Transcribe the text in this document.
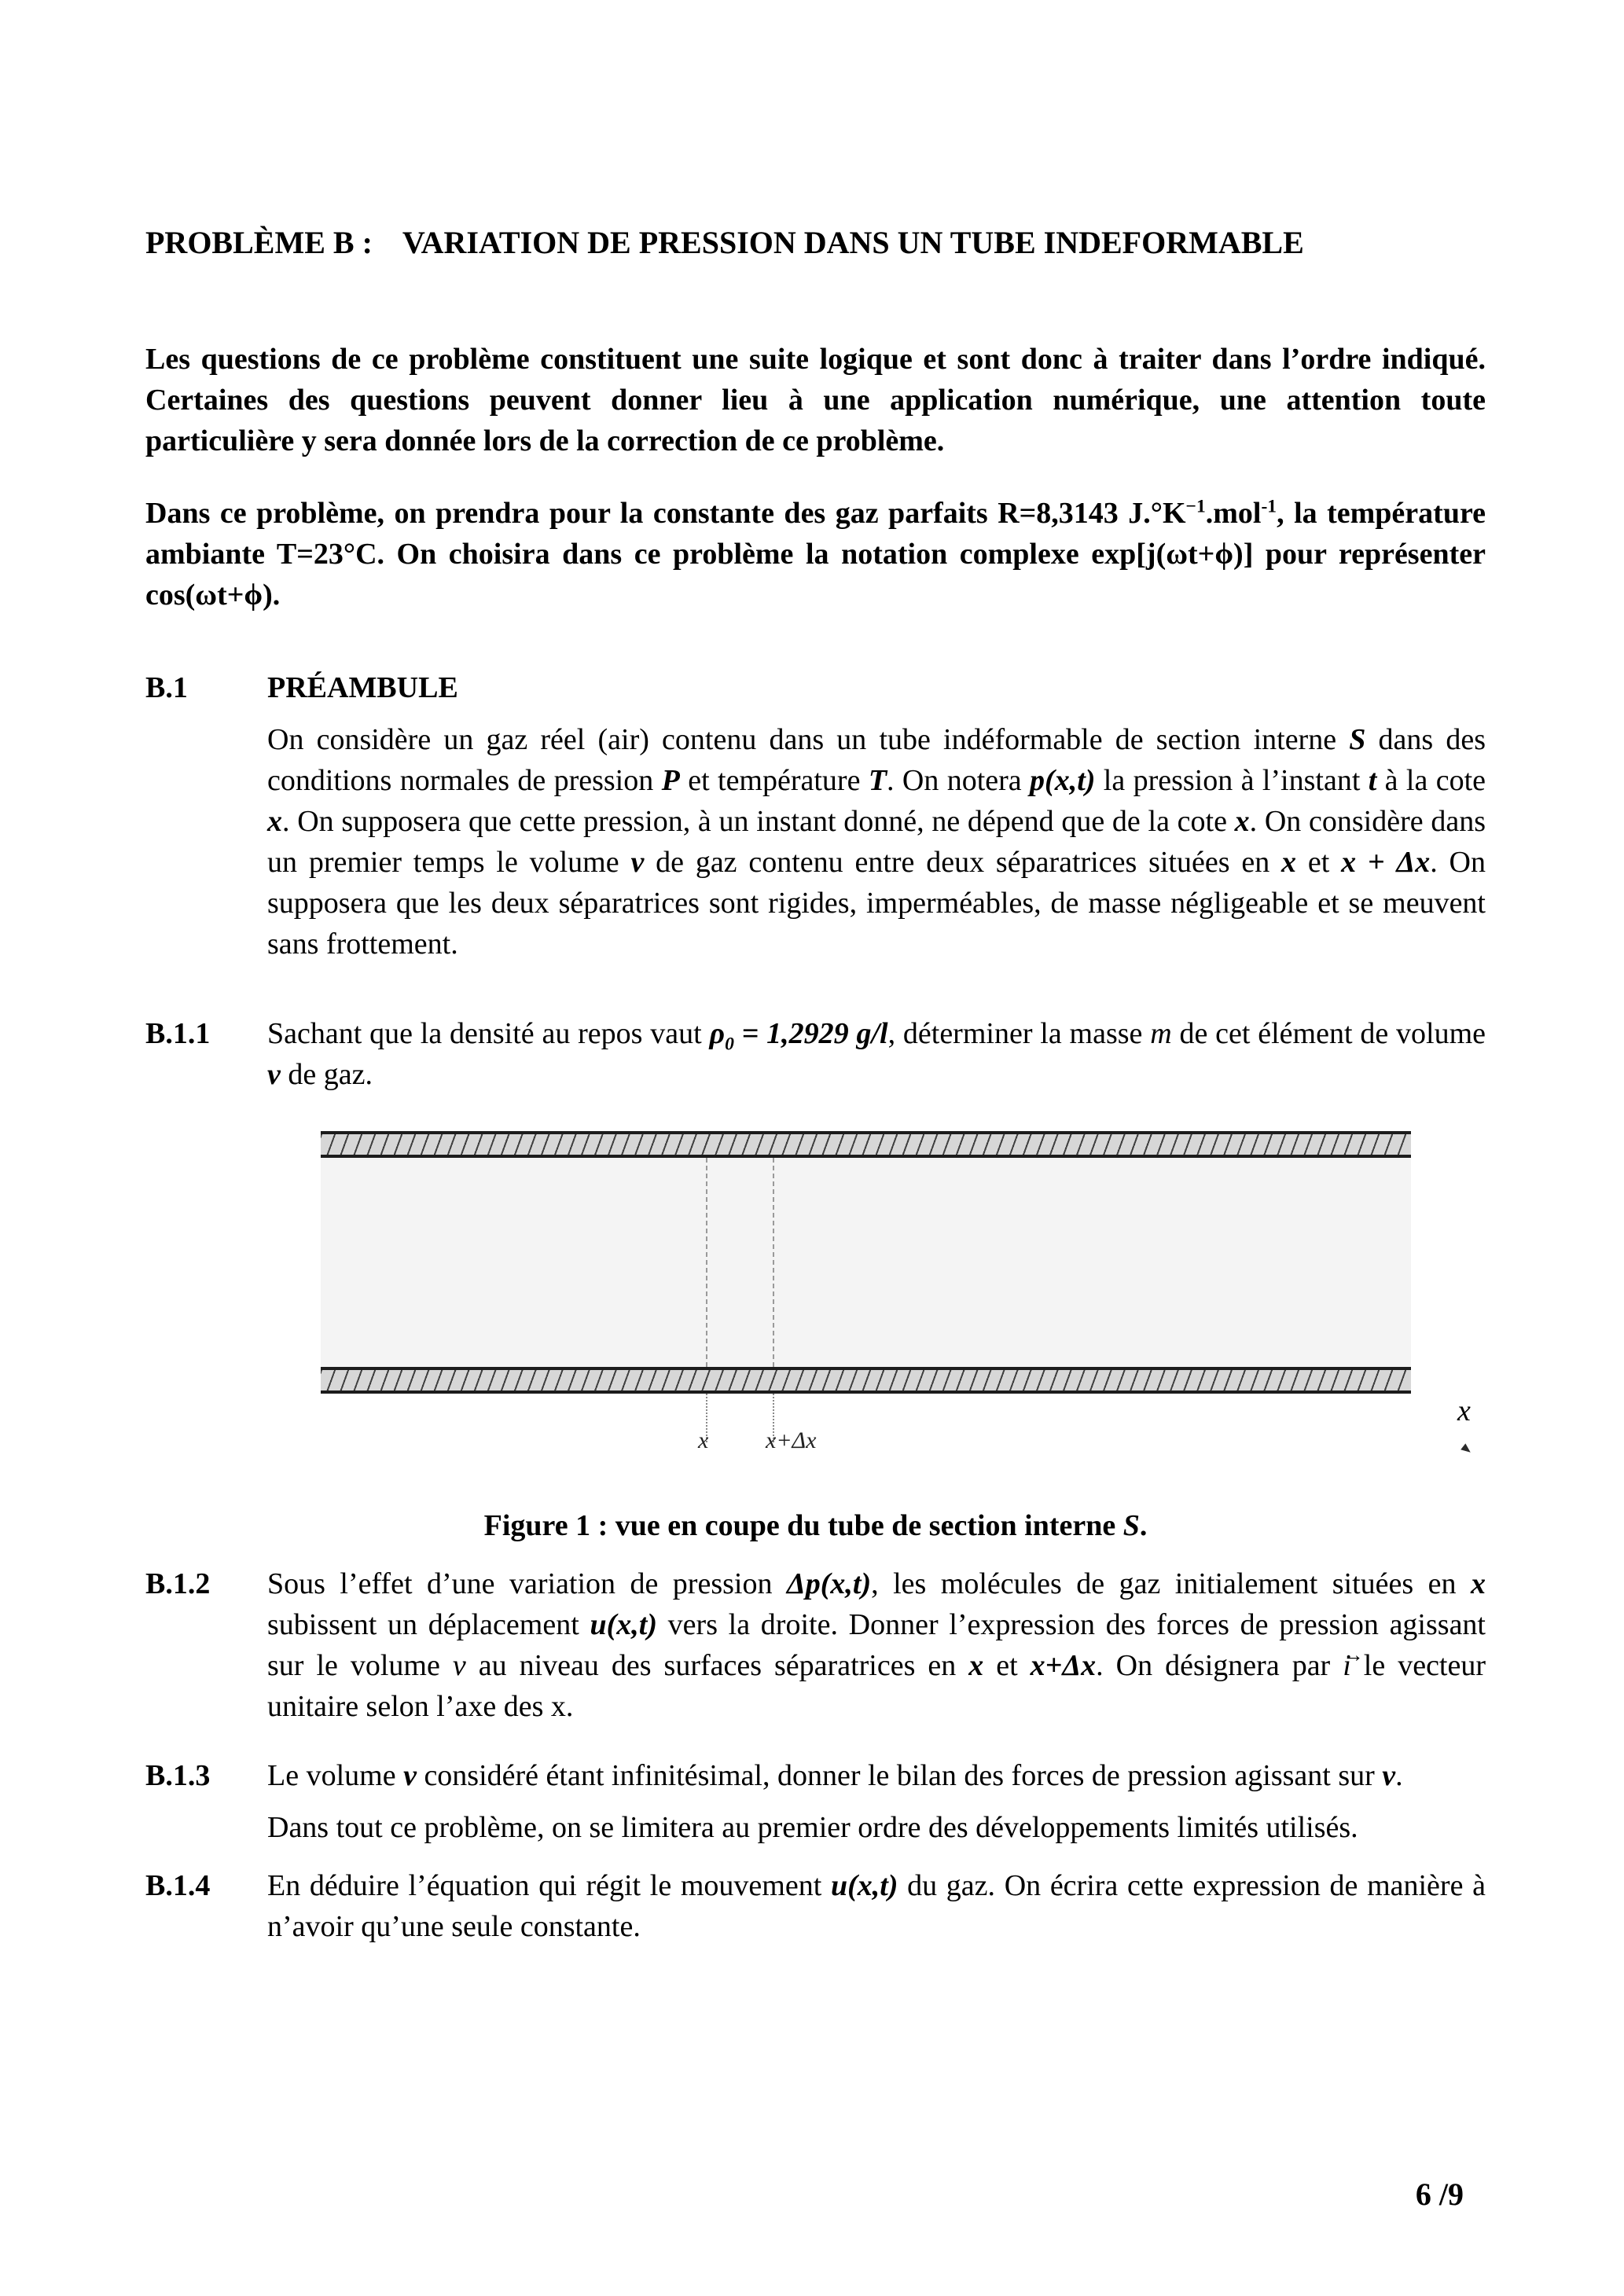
PROBLÈME B : VARIATION DE PRESSION DANS UN TUBE INDEFORMABLE
Les questions de ce problème constituent une suite logique et sont donc à traiter dans l’ordre indiqué. Certaines des questions peuvent donner lieu à une application numérique, une attention toute particulière y sera donnée lors de la correction de ce problème.
Dans ce problème, on prendra pour la constante des gaz parfaits R=8,3143 $J.^\circ K^{-1}.mol^{-1}$, la température ambiante T=23°C. On choisira dans ce problème la notation complexe exp[j(ωt+ϕ)] pour représenter cos(ωt+ϕ).
B.1	PRÉAMBULE
On considère un gaz réel (air) contenu dans un tube indéformable de section interne S dans des conditions normales de pression P et température T. On notera p(x,t) la pression à l’instant t à la cote x. On supposera que cette pression, à un instant donné, ne dépend que de la cote x. On considère dans un premier temps le volume v de gaz contenu entre deux séparatrices situées en x et x + Δx. On supposera que les deux séparatrices sont rigides, imperméables, de masse négligeable et se meuvent sans frottement.
B.1.1	Sachant que la densité au repos vaut $\rho_0 = 1,2929$ g/l, déterminer la masse m de cet élément de volume v de gaz.
x x+Δx
x
Figure 1 : vue en coupe du tube de section interne S.
B.1.2	Sous l’effet d’une variation de pression Δp(x,t), les molécules de gaz initialement situées en x subissent un déplacement u(x,t) vers la droite. Donner l’expression des forces de pression agissant sur le volume v au niveau des surfaces séparatrices en x et x+Δx. On désignera par i → le vecteur unitaire selon l’axe des x.
B.1.3	Le volume v considéré étant infinitésimal, donner le bilan des forces de pression agissant sur v.
Dans tout ce problème, on se limitera au premier ordre des développements limités utilisés.
B.1.4	En déduire l’équation qui régit le mouvement u(x,t) du gaz. On écrira cette expression de manière à n’avoir qu’une seule constante.
6 /9
